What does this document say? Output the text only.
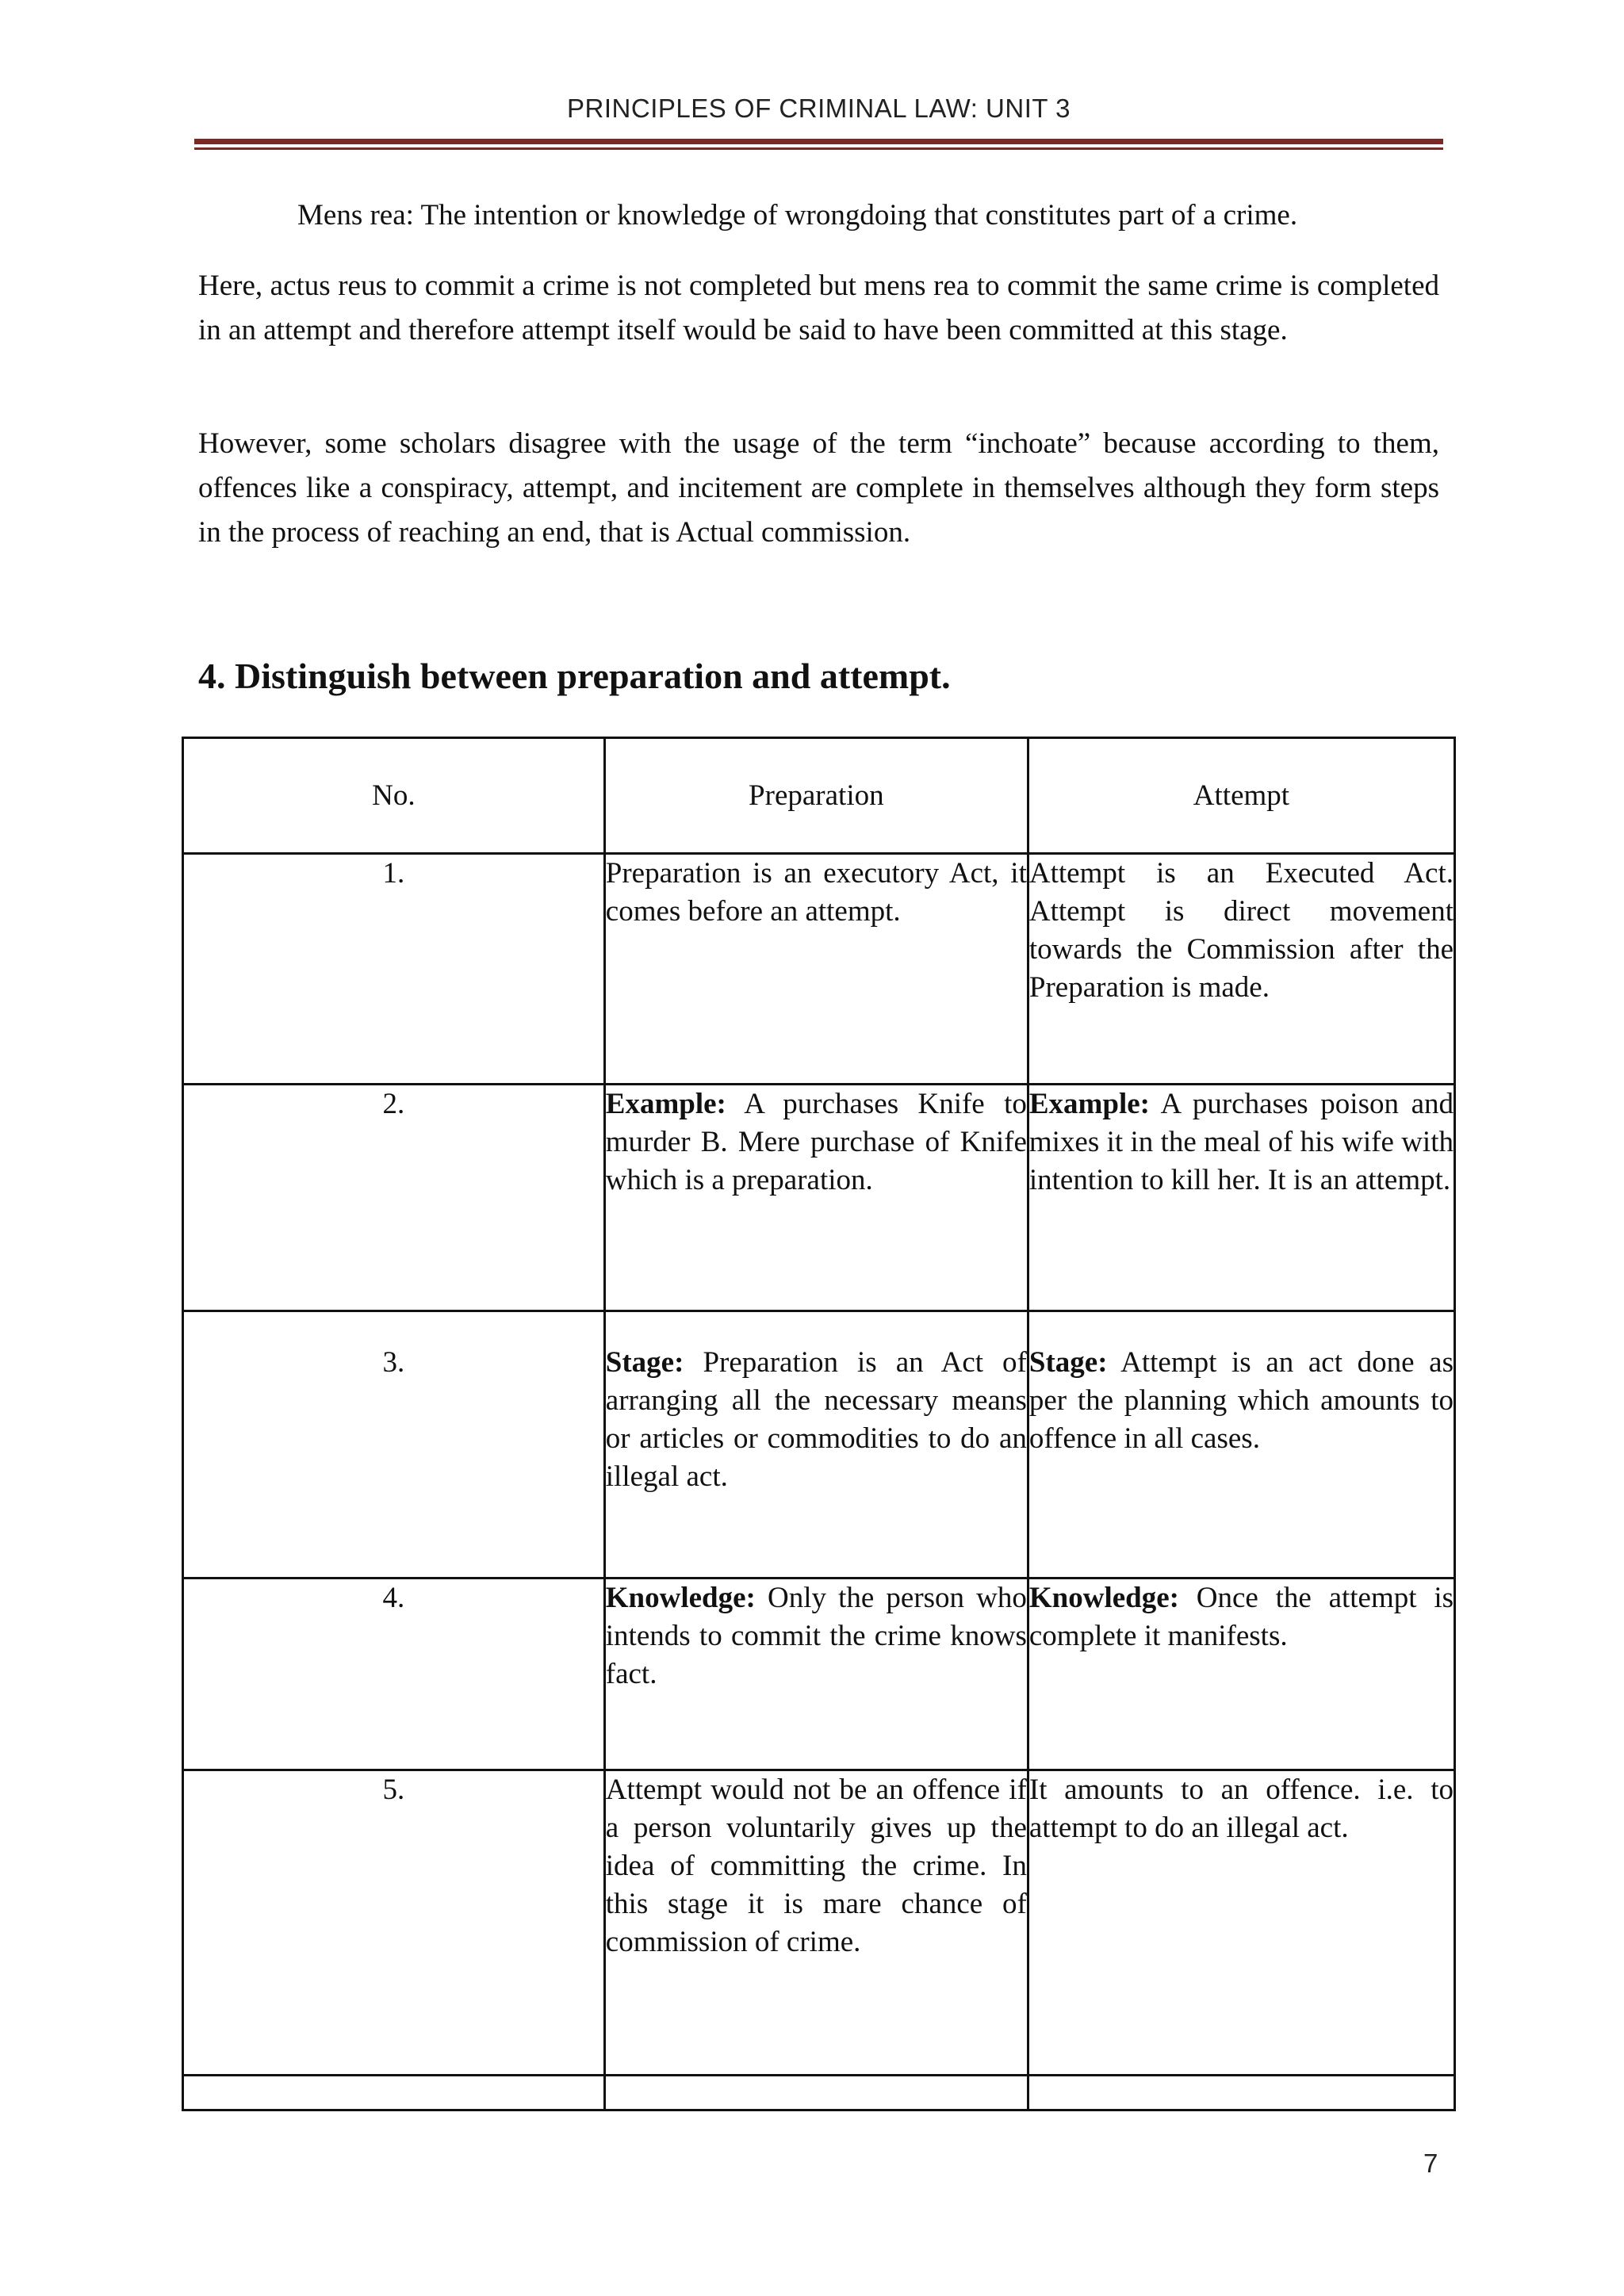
PRINCIPLES OF CRIMINAL LAW: UNIT 3

Mens rea: The intention or knowledge of wrongdoing that constitutes part of a crime.

Here, actus reus to commit a crime is not completed but mens rea to commit the same crime is completed in an attempt and therefore attempt itself would be said to have been committed at this stage.

However, some scholars disagree with the usage of the term “inchoate” because according to them, offences like a conspiracy, attempt, and incitement are complete in themselves although they form steps in the process of reaching an end, that is Actual commission.

4. Distinguish between preparation and attempt.
No.	Preparation	Attempt
1.	Preparation is an executory Act, it comes before an attempt.	Attempt is an Executed Act. Attempt is direct movement towards the Commission after the Preparation is made.
2.	Example: A purchases Knife to murder B. Mere purchase of Knife which is a preparation.	Example: A purchases poison and mixes it in the meal of his wife with intention to kill her. It is an attempt.
3.	Stage: Preparation is an Act of arranging all the necessary means or articles or commodities to do an illegal act.	Stage: Attempt is an act done as per the planning which amounts to offence in all cases.
4.	Knowledge: Only the person who intends to commit the crime knows fact.	Knowledge: Once the attempt is complete it manifests.
5.	Attempt would not be an offence if a person voluntarily gives up the idea of committing the crime. In this stage it is mare chance of commission of crime.	It amounts to an offence. i.e. to attempt to do an illegal act.

7
